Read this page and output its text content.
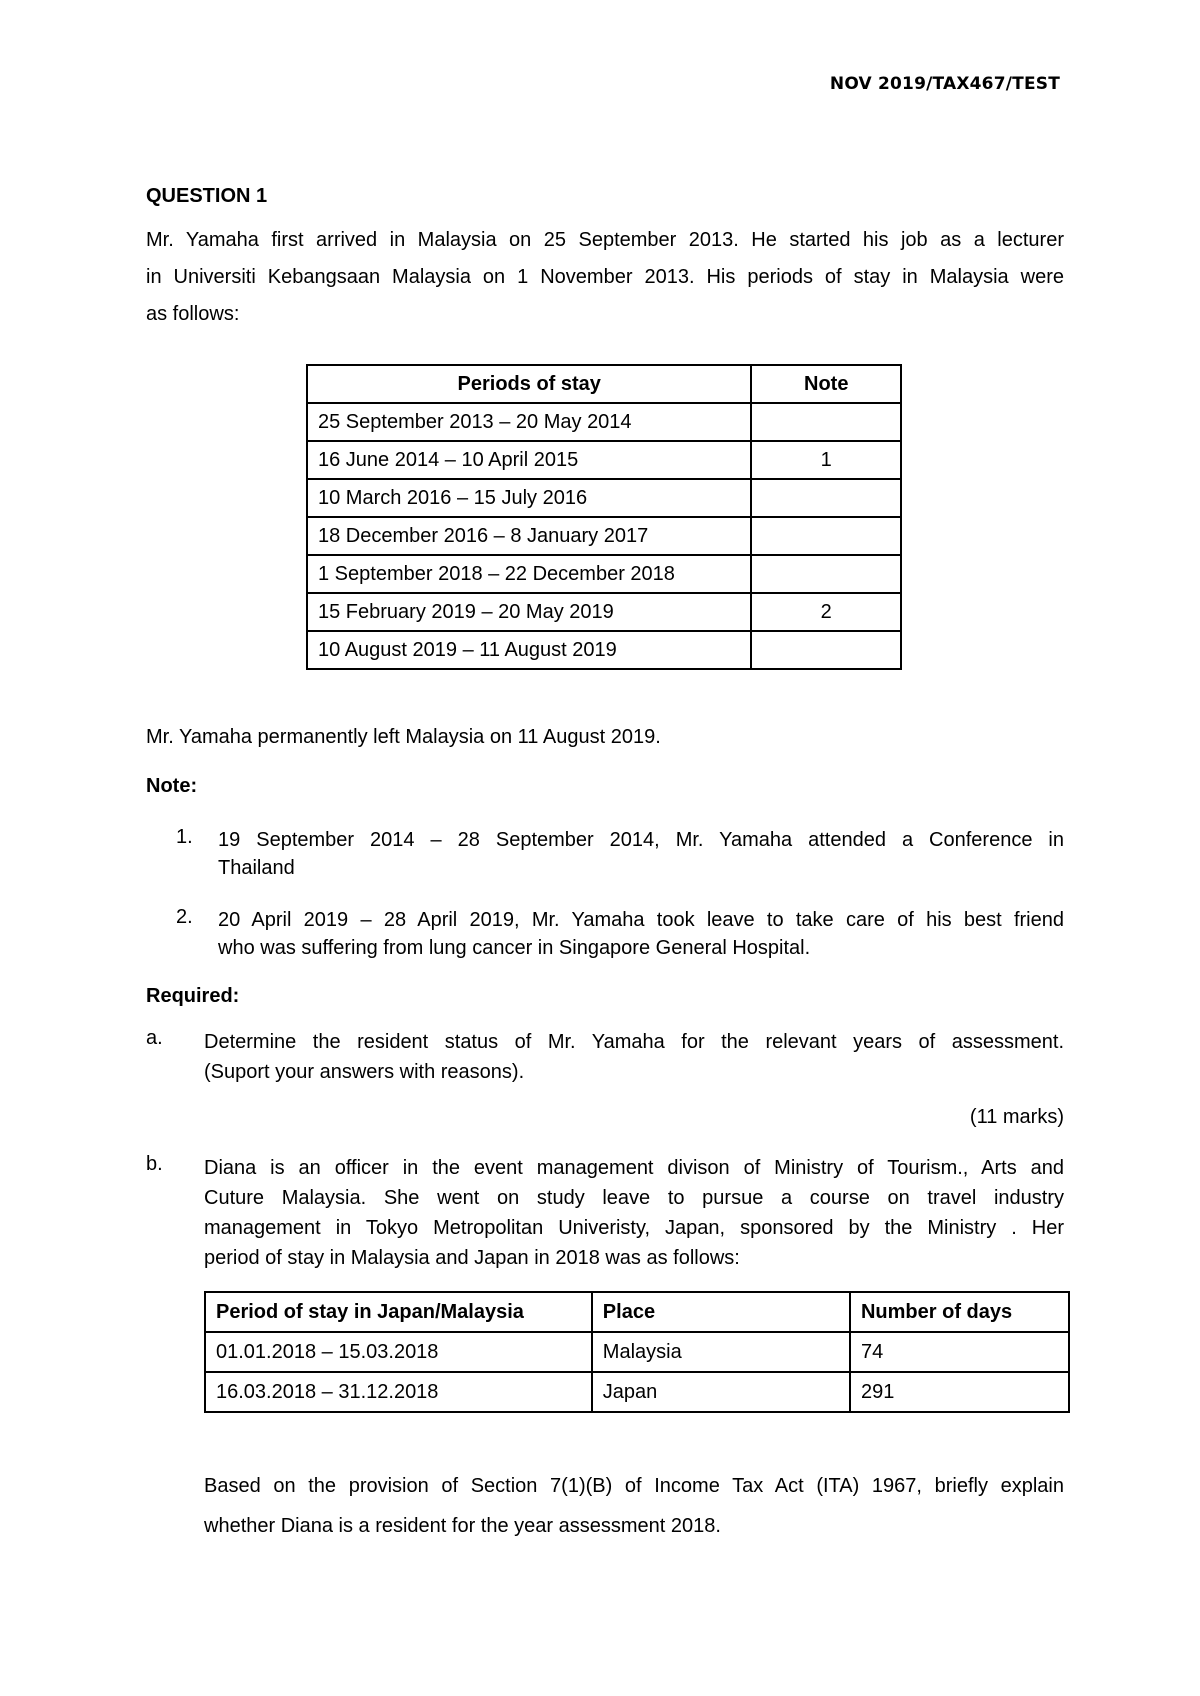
NOV 2019/TAX467/TEST
QUESTION 1
Mr. Yamaha first arrived in Malaysia on 25 September 2013. He started his job as a lecturer
in Universiti Kebangsaan Malaysia on 1 November 2013. His periods of stay in Malaysia were
as follows:
Periods of stay	Note
25 September 2013 – 20 May 2014	
16 June 2014 – 10 April 2015	1
10 March 2016 – 15 July 2016	
18 December 2016 – 8 January 2017	
1 September 2018 – 22 December 2018	
15 February 2019 – 20 May 2019	2
10 August 2019 – 11 August 2019	
Mr. Yamaha permanently left Malaysia on 11 August 2019.
Note:
1. 19 September 2014 – 28 September 2014, Mr. Yamaha attended a Conference in
Thailand
2. 20 April 2019 – 28 April 2019, Mr. Yamaha took leave to take care of his best friend
who was suffering from lung cancer in Singapore General Hospital.
Required:
a. Determine the resident status of Mr. Yamaha for the relevant years of assessment.
(Suport your answers with reasons).
(11 marks)
b. Diana is an officer in the event management divison of Ministry of Tourism., Arts and
Cuture Malaysia. She went on study leave to pursue a course on travel industry
management in Tokyo Metropolitan Univeristy, Japan, sponsored by the Ministry . Her
period of stay in Malaysia and Japan in 2018 was as follows:
Period of stay in Japan/Malaysia	Place	Number of days
01.01.2018 – 15.03.2018	Malaysia	74
16.03.2018 – 31.12.2018	Japan	291
Based on the provision of Section 7(1)(B) of Income Tax Act (ITA) 1967, briefly explain
whether Diana is a resident for the year assessment 2018.
